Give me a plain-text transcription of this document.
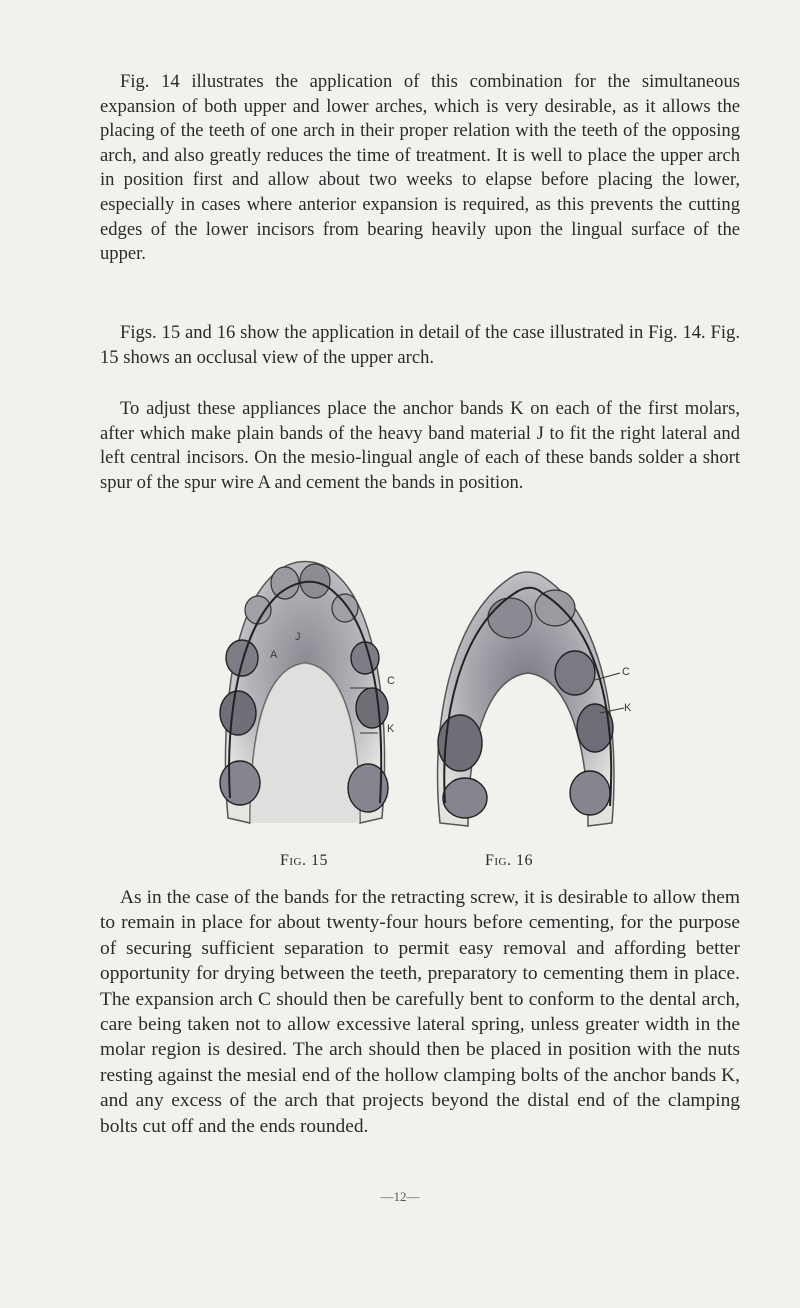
Fig. 14 illustrates the application of this combination for the simultaneous expansion of both upper and lower arches, which is very desirable, as it allows the placing of the teeth of one arch in their proper relation with the teeth of the opposing arch, and also greatly reduces the time of treatment. It is well to place the upper arch in position first and allow about two weeks to elapse before placing the lower, especially in cases where anterior expansion is required, as this prevents the cutting edges of the lower incisors from bearing heavily upon the lingual surface of the upper.

Figs. 15 and 16 show the application in detail of the case illustrated in Fig. 14. Fig. 15 shows an occlusal view of the upper arch.

To adjust these appliances place the anchor bands K on each of the first molars, after which make plain bands of the heavy band material J to fit the right lateral and left central incisors. On the mesio-lingual angle of each of these bands solder a short spur of the spur wire A and cement the bands in position.

J
A
C
K
C
K
Fig. 15	Fig. 16

As in the case of the bands for the retracting screw, it is desirable to allow them to remain in place for about twenty-four hours before cementing, for the purpose of securing sufficient separation to permit easy removal and affording better opportunity for drying between the teeth, preparatory to cementing them in place. The expansion arch C should then be carefully bent to conform to the dental arch, care being taken not to allow excessive lateral spring, unless greater width in the molar region is desired. The arch should then be placed in position with the nuts resting against the mesial end of the hollow clamping bolts of the anchor bands K, and any excess of the arch that projects beyond the distal end of the clamping bolts cut off and the ends rounded.

—12—
